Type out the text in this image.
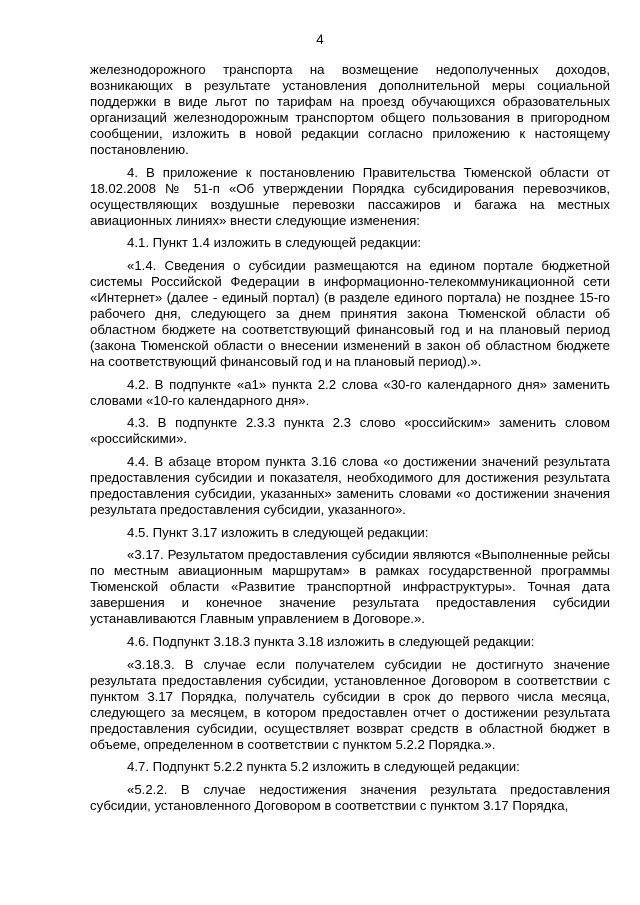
4

железнодорожного транспорта на возмещение недополученных доходов, возникающих в результате установления дополнительной меры социальной поддержки в виде льгот по тарифам на проезд обучающихся образовательных организаций железнодорожным транспортом общего пользования в пригородном сообщении, изложить в новой редакции согласно приложению к настоящему постановлению.

4. В приложение к постановлению Правительства Тюменской области от 18.02.2008 № 51-п «Об утверждении Порядка субсидирования перевозчиков, осуществляющих воздушные перевозки пассажиров и багажа на местных авиационных линиях» внести следующие изменения:

4.1. Пункт 1.4 изложить в следующей редакции:

«1.4. Сведения о субсидии размещаются на едином портале бюджетной системы Российской Федерации в информационно-телекоммуникационной сети «Интернет» (далее - единый портал) (в разделе единого портала) не позднее 15-го рабочего дня, следующего за днем принятия закона Тюменской области об областном бюджете на соответствующий финансовый год и на плановый период (закона Тюменской области о внесении изменений в закон об областном бюджете на соответствующий финансовый год и на плановый период).».

4.2. В подпункте «а1» пункта 2.2 слова «30-го календарного дня» заменить словами «10-го календарного дня».

4.3. В подпункте 2.3.3 пункта 2.3 слово «российским» заменить словом «российскими».

4.4. В абзаце втором пункта 3.16 слова «о достижении значений результата предоставления субсидии и показателя, необходимого для достижения результата предоставления субсидии, указанных» заменить словами «о достижении значения результата предоставления субсидии, указанного».

4.5. Пункт 3.17 изложить в следующей редакции:

«3.17. Результатом предоставления субсидии являются «Выполненные рейсы по местным авиационным маршрутам» в рамках государственной программы Тюменской области «Развитие транспортной инфраструктуры». Точная дата завершения и конечное значение результата предоставления субсидии устанавливаются Главным управлением в Договоре.».

4.6. Подпункт 3.18.3 пункта 3.18 изложить в следующей редакции:

«3.18.3. В случае если получателем субсидии не достигнуто значение результата предоставления субсидии, установленное Договором в соответствии с пунктом 3.17 Порядка, получатель субсидии в срок до первого числа месяца, следующего за месяцем, в котором предоставлен отчет о достижении результата предоставления субсидии, осуществляет возврат средств в областной бюджет в объеме, определенном в соответствии с пунктом 5.2.2 Порядка.».

4.7. Подпункт 5.2.2 пункта 5.2 изложить в следующей редакции:

«5.2.2. В случае недостижения значения результата предоставления субсидии, установленного Договором в соответствии с пунктом 3.17 Порядка,
